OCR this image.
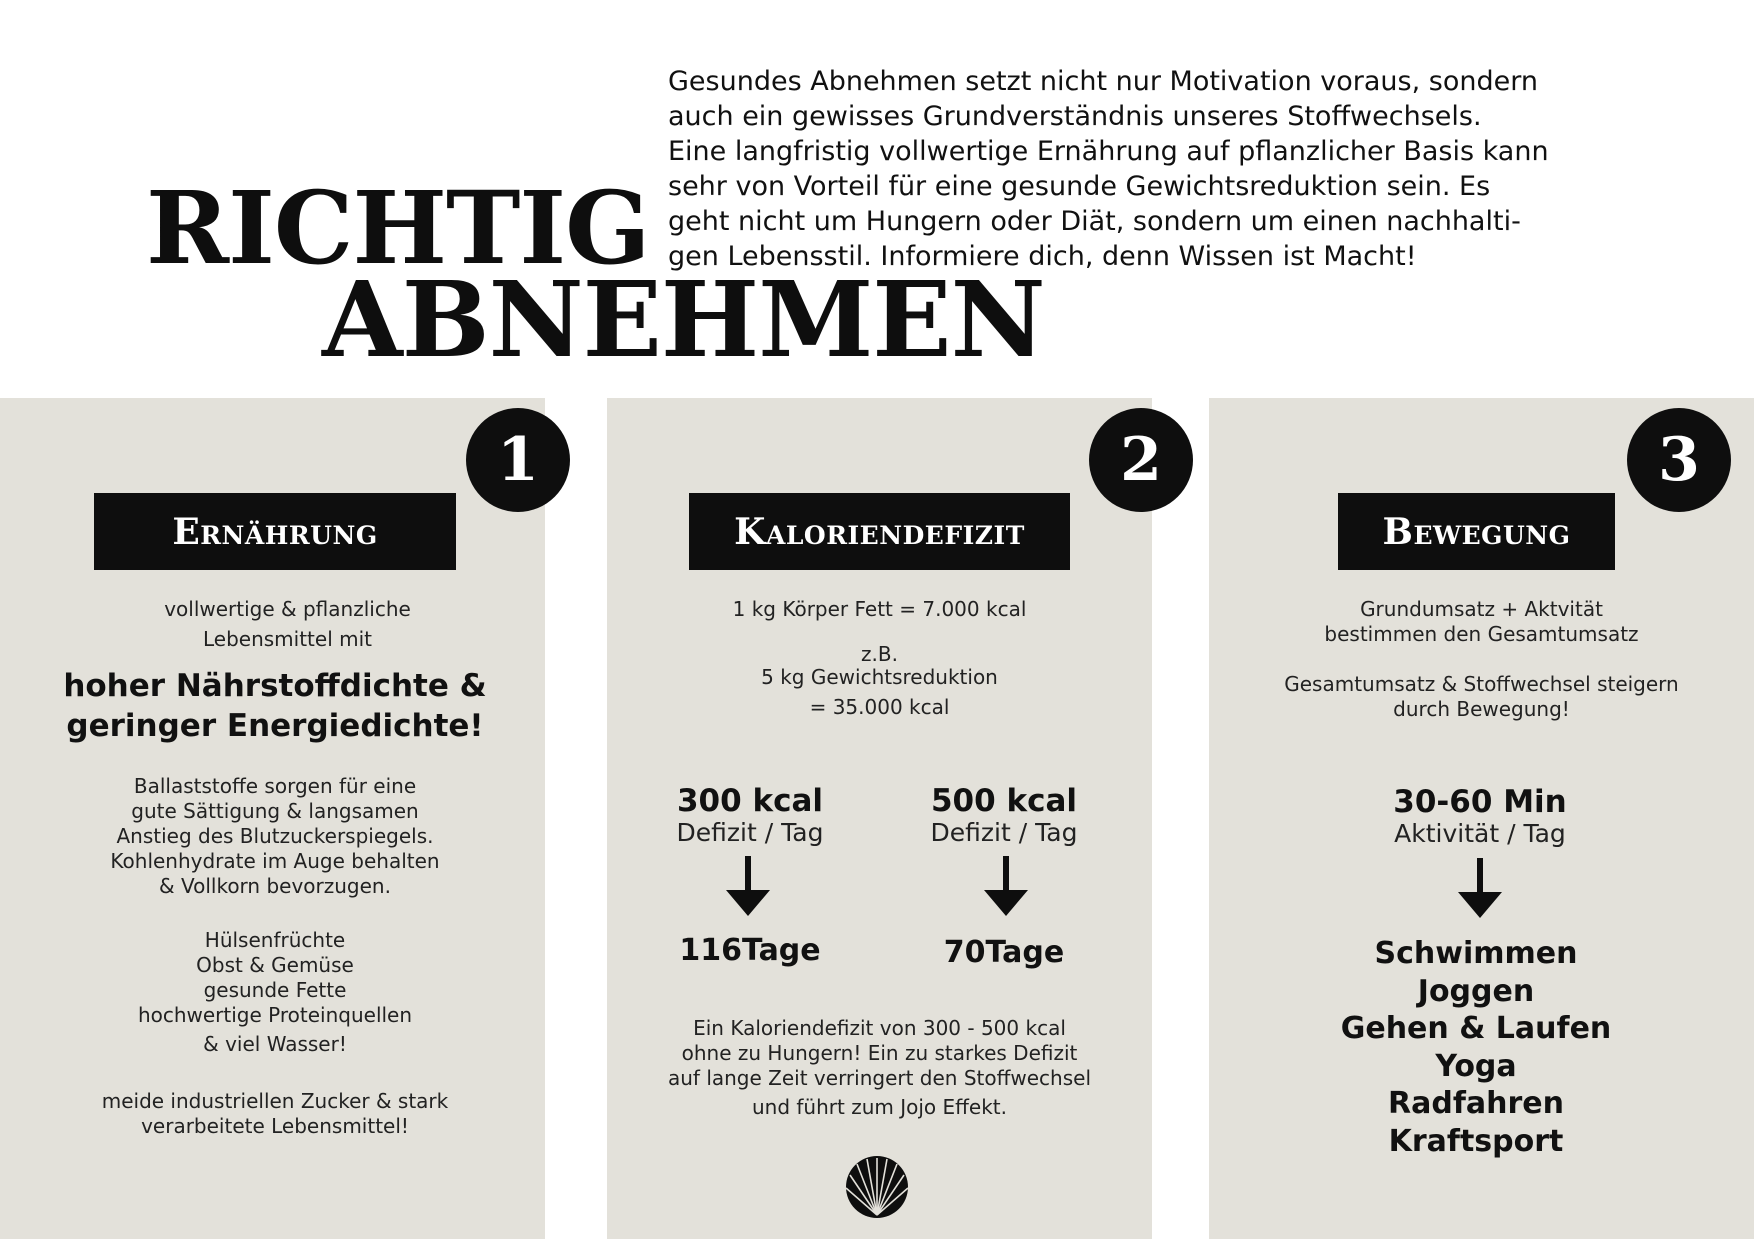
RICHTIG
ABNEHMEN
Gesundes Abnehmen setzt nicht nur Motivation voraus, sondern
auch ein gewisses Grundverständnis unseres Stoffwechsels.
Eine langfristig vollwertige Ernährung auf pflanzlicher Basis kann
sehr von Vorteil für eine gesunde Gewichtsreduktion sein. Es
geht nicht um Hungern oder Diät, sondern um einen nachhalti-
gen Lebensstil. Informiere dich, denn Wissen ist Macht!
1	2	3
Ernährung	Kaloriendefizit	Bewegung
vollwertige & pflanzliche
Lebensmittel mit
hoher Nährstoffdichte &
geringer Energiedichte!
Ballaststoffe sorgen für eine
gute Sättigung & langsamen
Anstieg des Blutzuckerspiegels.
Kohlenhydrate im Auge behalten
& Vollkorn bevorzugen.
Hülsenfrüchte
Obst & Gemüse
gesunde Fette
hochwertige Proteinquellen
& viel Wasser!
meide industriellen Zucker & stark
verarbeitete Lebensmittel!
1 kg Körper Fett = 7.000 kcal
z.B.
5 kg Gewichtsreduktion
= 35.000 kcal
300 kcal
Defizit / Tag
500 kcal
Defizit / Tag
116Tage	70Tage
Ein Kaloriendefizit von 300 - 500 kcal
ohne zu Hungern! Ein zu starkes Defizit
auf lange Zeit verringert den Stoffwechsel
und führt zum Jojo Effekt.
Grundumsatz + Aktvität
bestimmen den Gesamtumsatz
Gesamtumsatz & Stoffwechsel steigern
durch Bewegung!
30-60 Min
Aktivität / Tag
Schwimmen
Joggen
Gehen & Laufen
Yoga
Radfahren
Kraftsport
